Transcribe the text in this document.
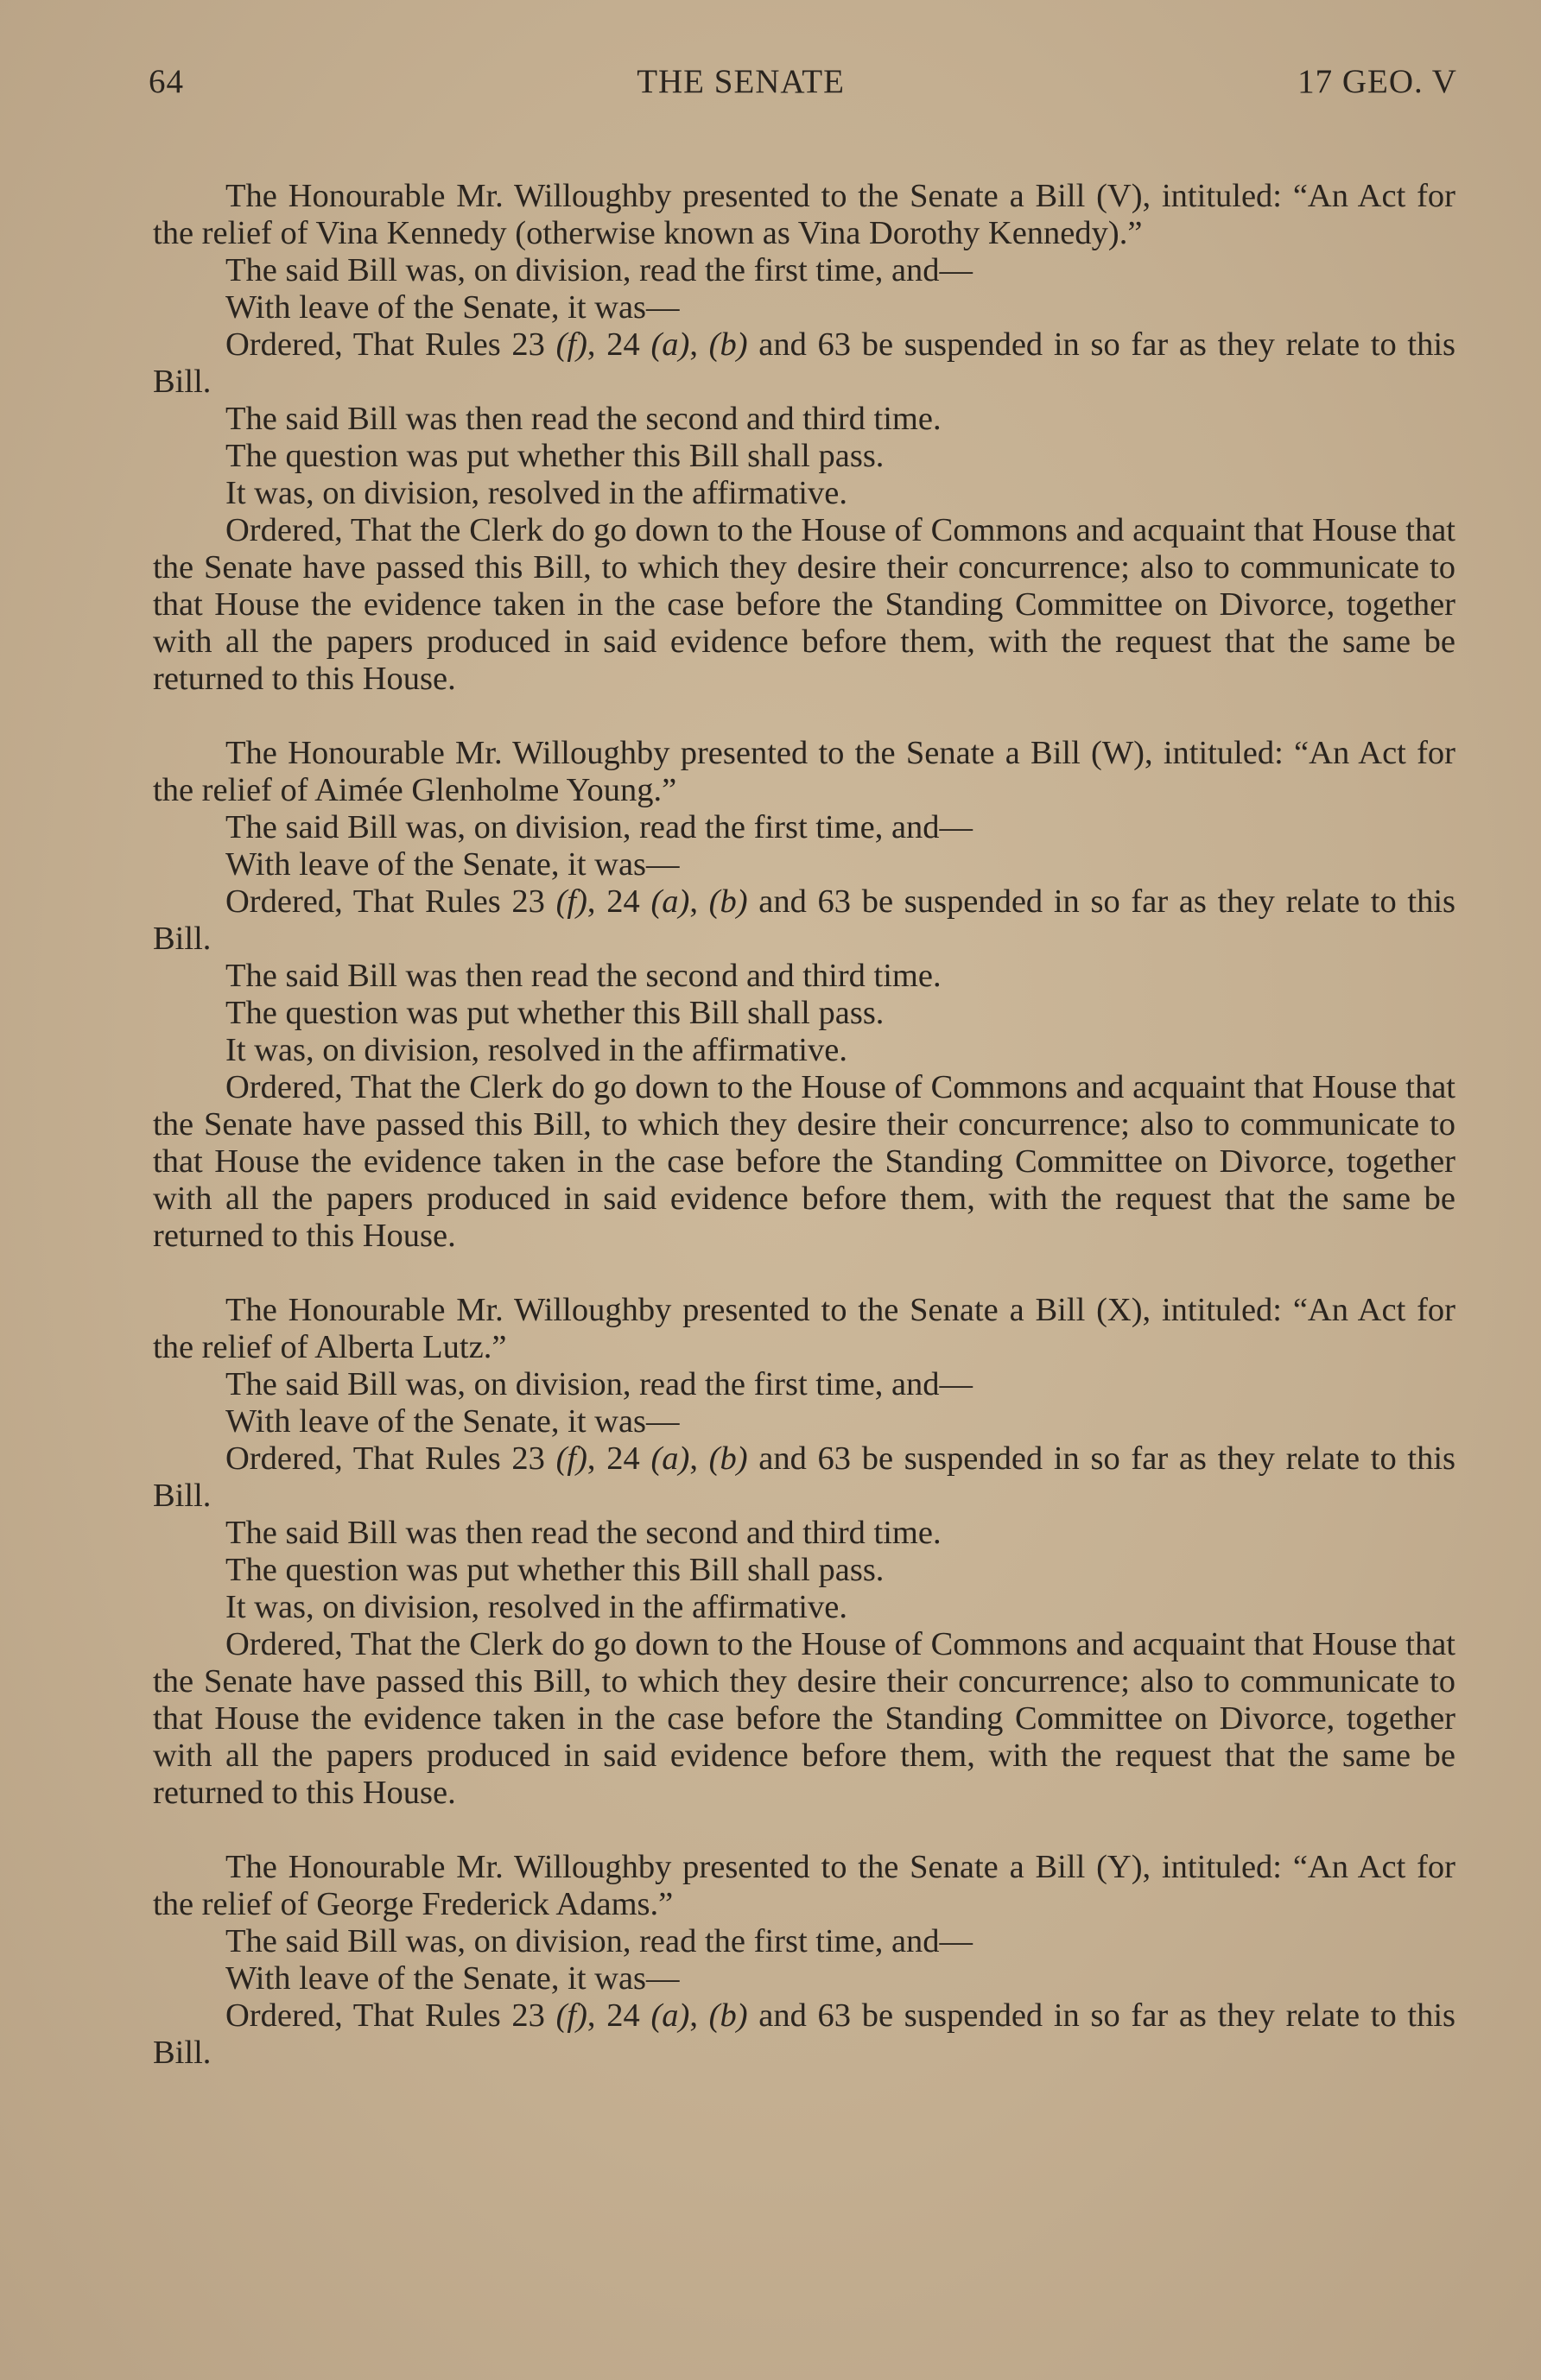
64	THE SENATE	17 GEO. V

The Honourable Mr. Willoughby presented to the Senate a Bill (V), intituled: “An Act for the relief of Vina Kennedy (otherwise known as Vina Dorothy Kennedy).”

The said Bill was, on division, read the first time, and—

With leave of the Senate, it was—

Ordered, That Rules 23 (f), 24 (a), (b) and 63 be suspended in so far as they relate to this Bill.

The said Bill was then read the second and third time.

The question was put whether this Bill shall pass.

It was, on division, resolved in the affirmative.

Ordered, That the Clerk do go down to the House of Commons and acquaint that House that the Senate have passed this Bill, to which they desire their concurrence; also to communicate to that House the evidence taken in the case before the Standing Committee on Divorce, together with all the papers produced in said evidence before them, with the request that the same be returned to this House.

The Honourable Mr. Willoughby presented to the Senate a Bill (W), intituled: “An Act for the relief of Aimée Glenholme Young.”

The said Bill was, on division, read the first time, and—

With leave of the Senate, it was—

Ordered, That Rules 23 (f), 24 (a), (b) and 63 be suspended in so far as they relate to this Bill.

The said Bill was then read the second and third time.

The question was put whether this Bill shall pass.

It was, on division, resolved in the affirmative.

Ordered, That the Clerk do go down to the House of Commons and acquaint that House that the Senate have passed this Bill, to which they desire their concurrence; also to communicate to that House the evidence taken in the case before the Standing Committee on Divorce, together with all the papers produced in said evidence before them, with the request that the same be returned to this House.

The Honourable Mr. Willoughby presented to the Senate a Bill (X), intituled: “An Act for the relief of Alberta Lutz.”

The said Bill was, on division, read the first time, and—

With leave of the Senate, it was—

Ordered, That Rules 23 (f), 24 (a), (b) and 63 be suspended in so far as they relate to this Bill.

The said Bill was then read the second and third time.

The question was put whether this Bill shall pass.

It was, on division, resolved in the affirmative.

Ordered, That the Clerk do go down to the House of Commons and acquaint that House that the Senate have passed this Bill, to which they desire their concurrence; also to communicate to that House the evidence taken in the case before the Standing Committee on Divorce, together with all the papers produced in said evidence before them, with the request that the same be returned to this House.

The Honourable Mr. Willoughby presented to the Senate a Bill (Y), intituled: “An Act for the relief of George Frederick Adams.”

The said Bill was, on division, read the first time, and—

With leave of the Senate, it was—

Ordered, That Rules 23 (f), 24 (a), (b) and 63 be suspended in so far as they relate to this Bill.
